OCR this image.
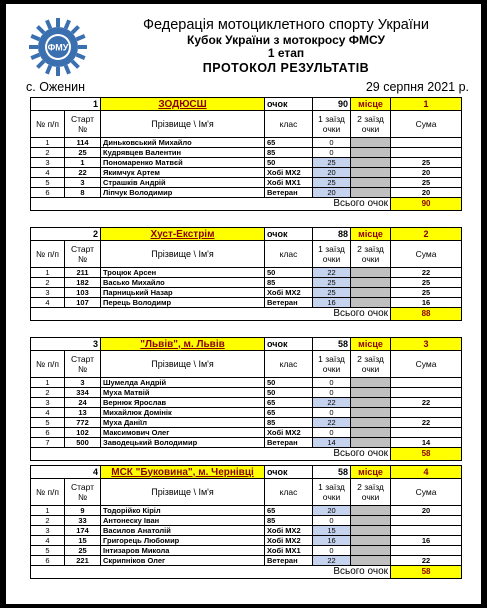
ФМУ
Федерація мотоциклетного спорту України
Кубок України з мотокросу ФМСУ
1 етап
ПРОТОКОЛ РЕЗУЛЬТАТІВ
с. Оженин	29 серпня 2021 р.
1		ЗОДЮСШ	очок	90	місце	1
№ п/п	Старт №	Прізвище \ Ім'я	клас	1 заїзд очки	2 заїзд очки	Сума
1	114	Диньковський Михайло	65	0		
2	25	Кудрявцев Валентин	85	0		
3	1	Пономаренко Матвєй	50	25		25
4	22	Якимчук Артем	Хобі МХ2	20		20
5	3	Страшків Андрій	Хобі МХ1	25		25
6	8	Ліпчук Володимир	Ветеран	20		20
Всього очок						90
2		Хуст-Екстрім	очок	88	місце	2
№ п/п	Старт №	Прізвище \ Ім'я	клас	1 заїзд очки	2 заїзд очки	Сума
1	211	Троцюк Арсен	50	22		22
2	182	Васько Михайло	85	25		25
3	103	Парницький Назар	Хобі МХ2	25		25
4	107	Перець Володимр	Ветеран	16		16
Всього очок						88
3		"Львів", м. Львів	очок	58	місце	3
№ п/п	Старт №	Прізвище \ Ім'я	клас	1 заїзд очки	2 заїзд очки	Сума
1	3	Шумелда Андрій	50	0		
2	334	Муха Матвій	50	0		
3	24	Вернюк Ярослав	65	22		22
4	13	Михайлюк Домінік	65	0		
5	772	Муха Даніїл	85	22		22
6	102	Максимович Олег	Хобі МХ2	0		
7	500	Заводецький Володимир	Ветеран	14		14
Всього очок						58
4		МСК "Буковина", м. Чернівці	очок	58	місце	4
№ п/п	Старт №	Прізвище \ Ім'я	клас	1 заїзд очки	2 заїзд очки	Сума
1	9	Тодорійко Кіріл	65	20		20
2	33	Антонеску Іван	85	0		
3	174	Василов Анатолій	Хобі МХ2	15		
4	15	Григорець Любомир	Хобі МХ2	16		16
5	25	Інтизаров Микола	Хобі МХ1	0		
6	221	Скрипніков Олег	Ветеран	22		22
Всього очок						58
